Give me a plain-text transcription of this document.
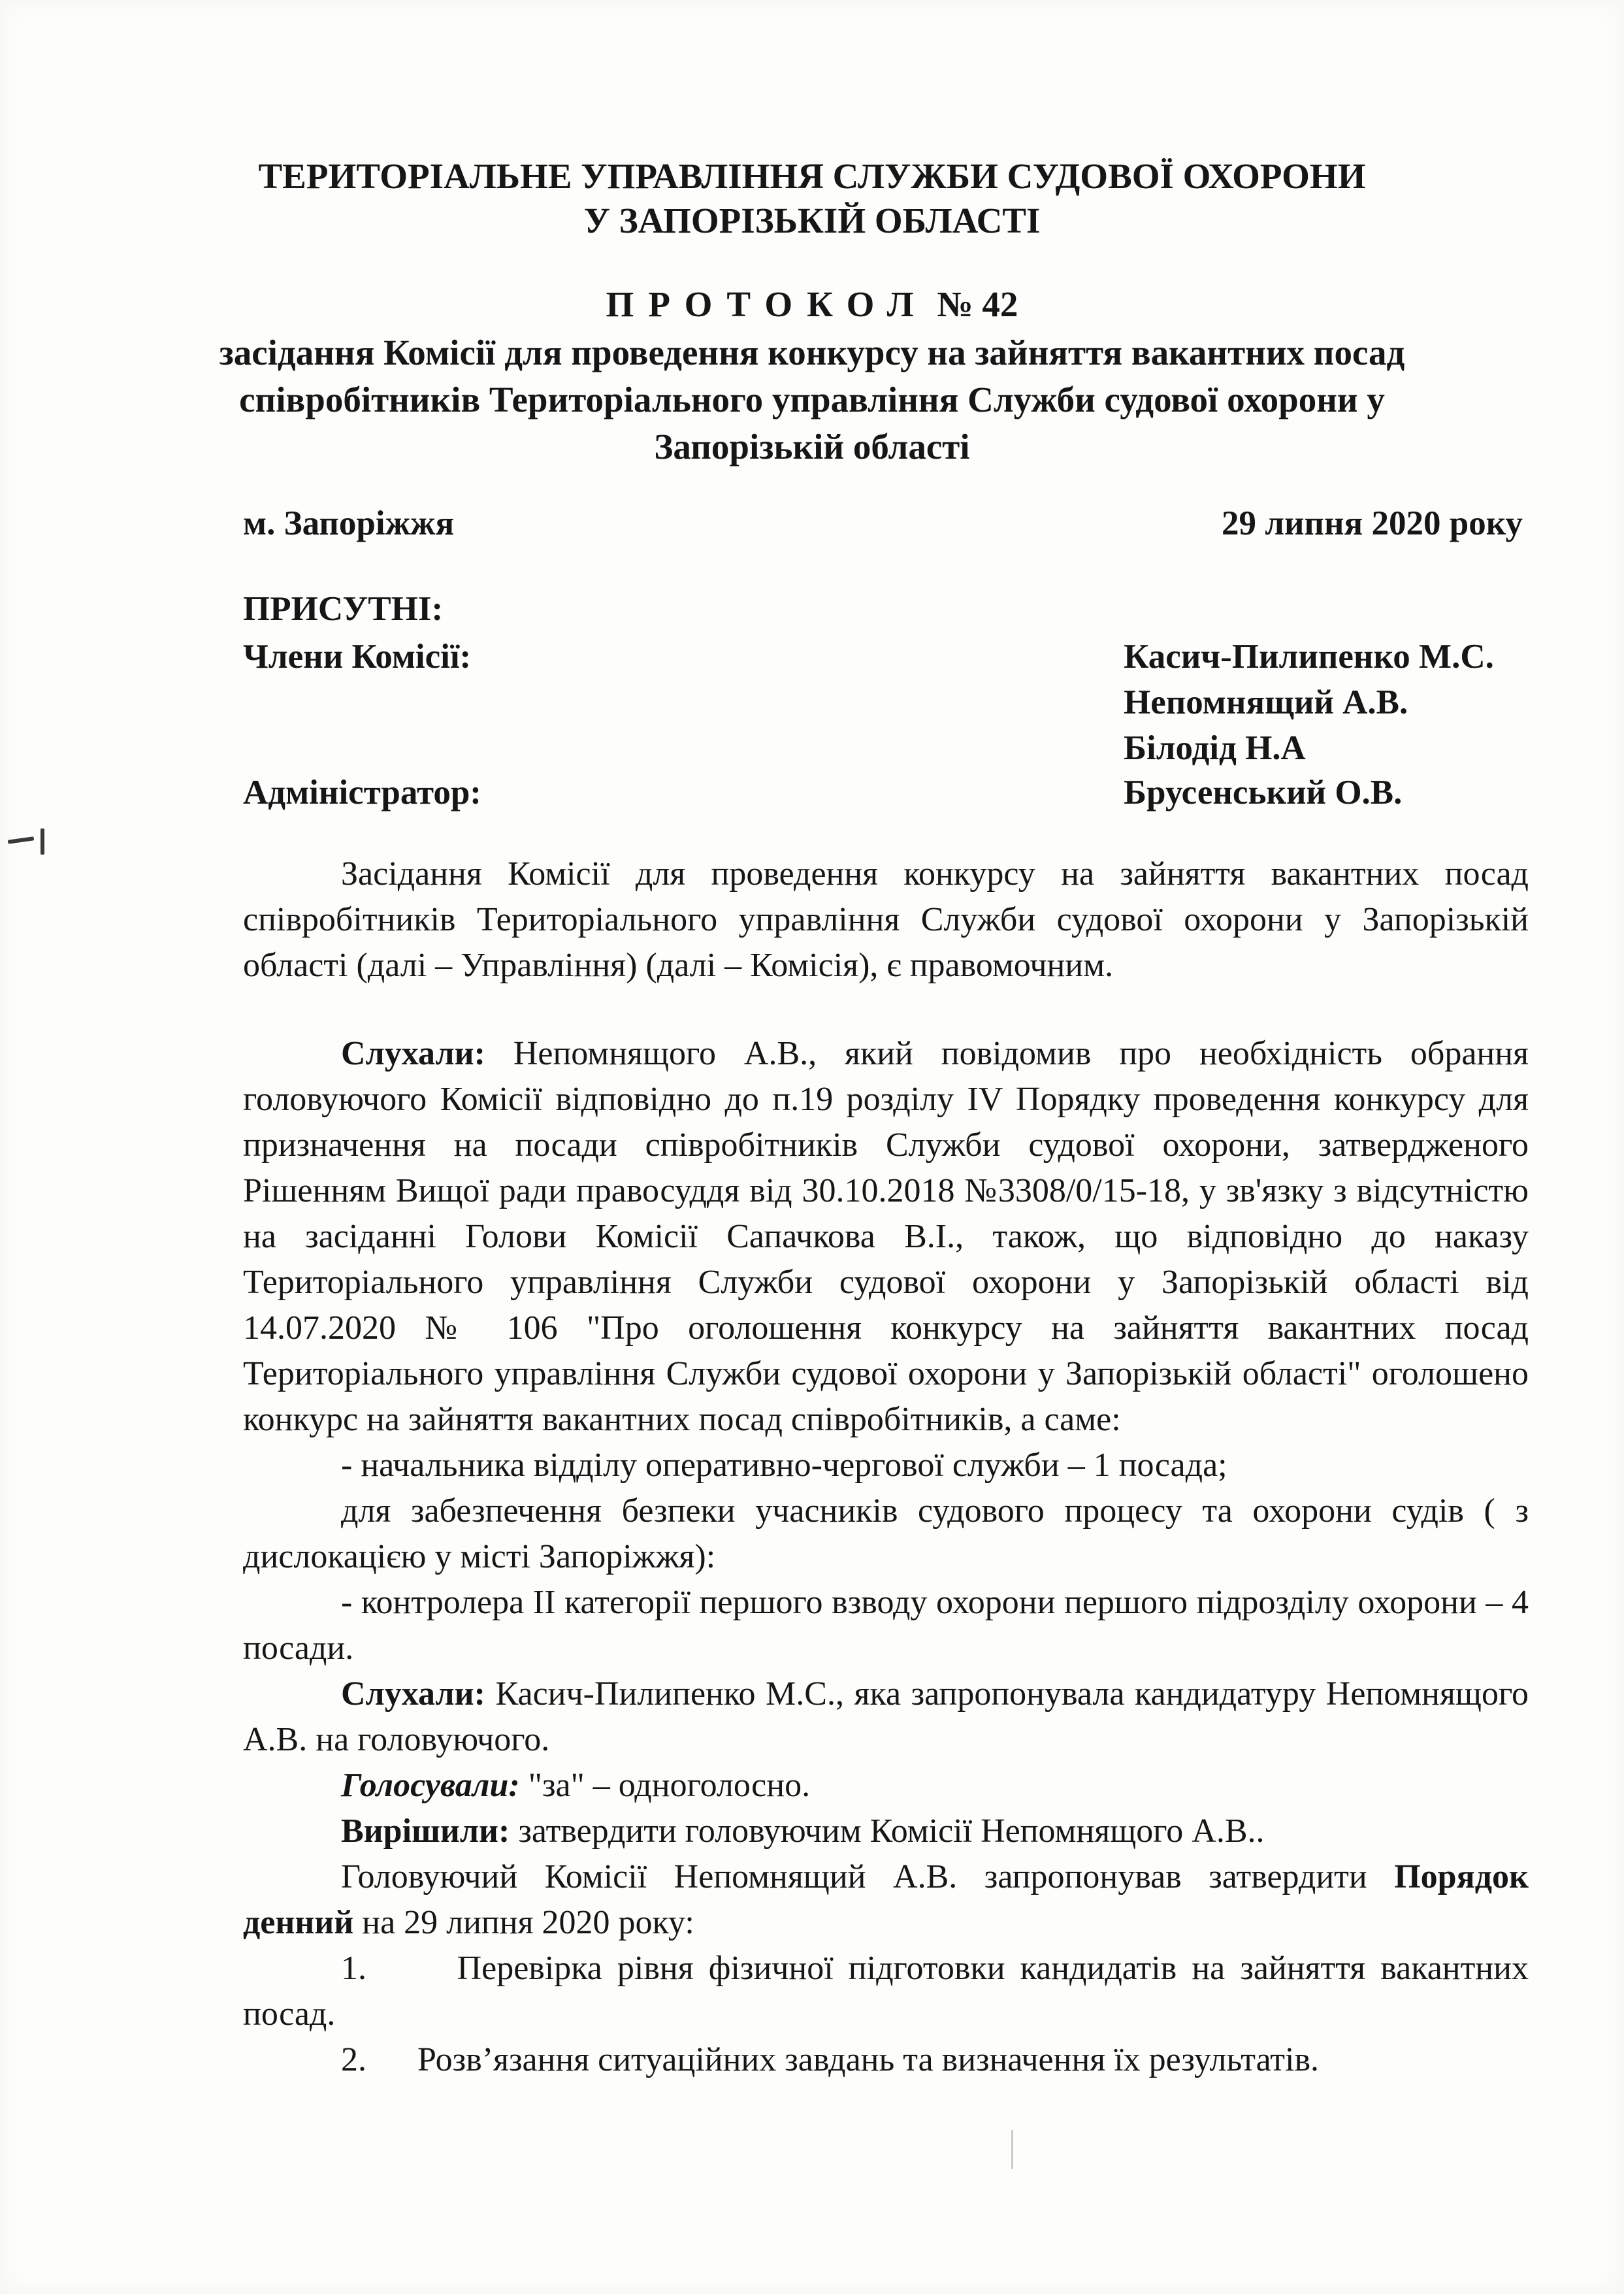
ТЕРИТОРІАЛЬНЕ УПРАВЛІННЯ СЛУЖБИ СУДОВОЇ ОХОРОНИ
У ЗАПОРІЗЬКІЙ ОБЛАСТІ
ПРОТОКОЛ № 42
засідання Комісії для проведення конкурсу на зайняття вакантних посад
співробітників Територіального управління Служби судової охорони у
Запорізькій області
м. Запоріжжя	29 липня 2020 року
ПРИСУТНІ:
Члени Комісії:	Касич-Пилипенко М.С.
Непомнящий А.В.
Білодід Н.А
Адміністратор:	Брусенський О.В.
Засідання Комісії для проведення конкурсу на зайняття вакантних посад співробітників Територіального управління Служби судової охорони у Запорізькій області (далі – Управління) (далі – Комісія), є правомочним.
Слухали: Непомнящого А.В., який повідомив про необхідність обрання головуючого Комісії відповідно до п.19 розділу IV Порядку проведення конкурсу для призначення на посади співробітників Служби судової охорони, затвердженого Рішенням Вищої ради правосуддя від 30.10.2018 №3308/0/15-18, у зв'язку з відсутністю на засіданні Голови Комісії Сапачкова В.І., також, що відповідно до наказу Територіального управління Служби судової охорони у Запорізькій області від 14.07.2020 № 106 "Про оголошення конкурсу на зайняття вакантних посад Територіального управління Служби судової охорони у Запорізькій області" оголошено конкурс на зайняття вакантних посад співробітників, а саме:
- начальника відділу оперативно-чергової служби – 1 посада;
для забезпечення безпеки учасників судового процесу та охорони судів ( з дислокацією у місті Запоріжжя):
- контролера ІІ категорії першого взводу охорони першого підрозділу охорони – 4 посади.
Слухали: Касич-Пилипенко М.С., яка запропонувала кандидатуру Непомнящого А.В. на головуючого.
Голосували: "за" – одноголосно.
Вирішили: затвердити головуючим Комісії Непомнящого А.В..
Головуючий Комісії Непомнящий А.В. запропонував затвердити Порядок денний на 29 липня 2020 року:
1.	Перевірка рівня фізичної підготовки кандидатів на зайняття вакантних посад.
2. Розв’язання ситуаційних завдань та визначення їх результатів.
